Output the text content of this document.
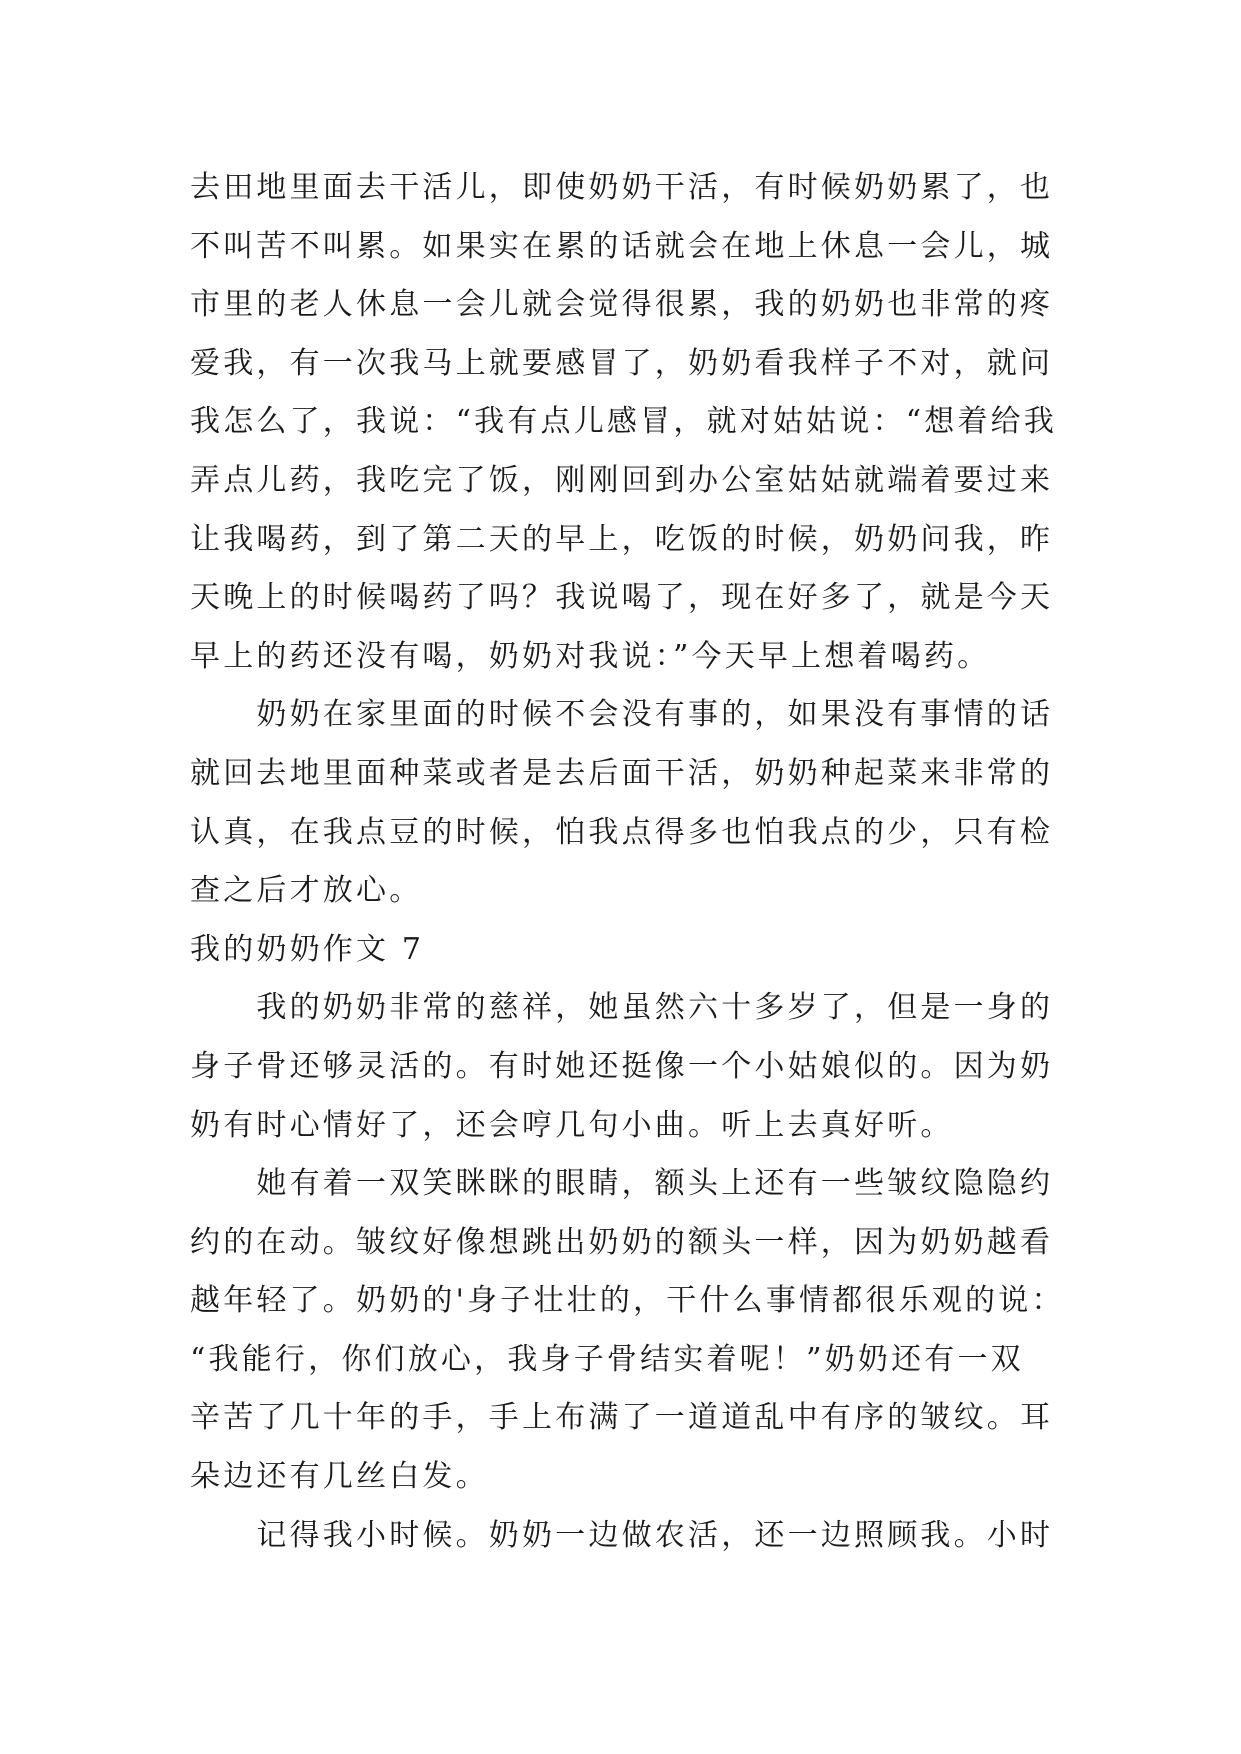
去田地里面去干活儿，即使奶奶干活，有时候奶奶累了，也
不叫苦不叫累。如果实在累的话就会在地上休息一会儿，城
市里的老人休息一会儿就会觉得很累，我的奶奶也非常的疼
爱我，有一次我马上就要感冒了，奶奶看我样子不对，就问
我怎么了，我说：“我有点儿感冒，就对姑姑说：“想着给我
弄点儿药，我吃完了饭，刚刚回到办公室姑姑就端着要过来
让我喝药，到了第二天的早上，吃饭的时候，奶奶问我，昨
天晚上的时候喝药了吗？我说喝了，现在好多了，就是今天
早上的药还没有喝，奶奶对我说：”今天早上想着喝药。
　　奶奶在家里面的时候不会没有事的，如果没有事情的话
就回去地里面种菜或者是去后面干活，奶奶种起菜来非常的
认真，在我点豆的时候，怕我点得多也怕我点的少，只有检
查之后才放心。
我的奶奶作文 7
　　我的奶奶非常的慈祥，她虽然六十多岁了，但是一身的
身子骨还够灵活的。有时她还挺像一个小姑娘似的。因为奶
奶有时心情好了，还会哼几句小曲。听上去真好听。
　　她有着一双笑眯眯的眼睛，额头上还有一些皱纹隐隐约
约的在动。皱纹好像想跳出奶奶的额头一样，因为奶奶越看
越年轻了。奶奶的'身子壮壮的，干什么事情都很乐观的说：
“我能行，你们放心，我身子骨结实着呢！”奶奶还有一双
辛苦了几十年的手，手上布满了一道道乱中有序的皱纹。耳
朵边还有几丝白发。
　　记得我小时候。奶奶一边做农活，还一边照顾我。小时
